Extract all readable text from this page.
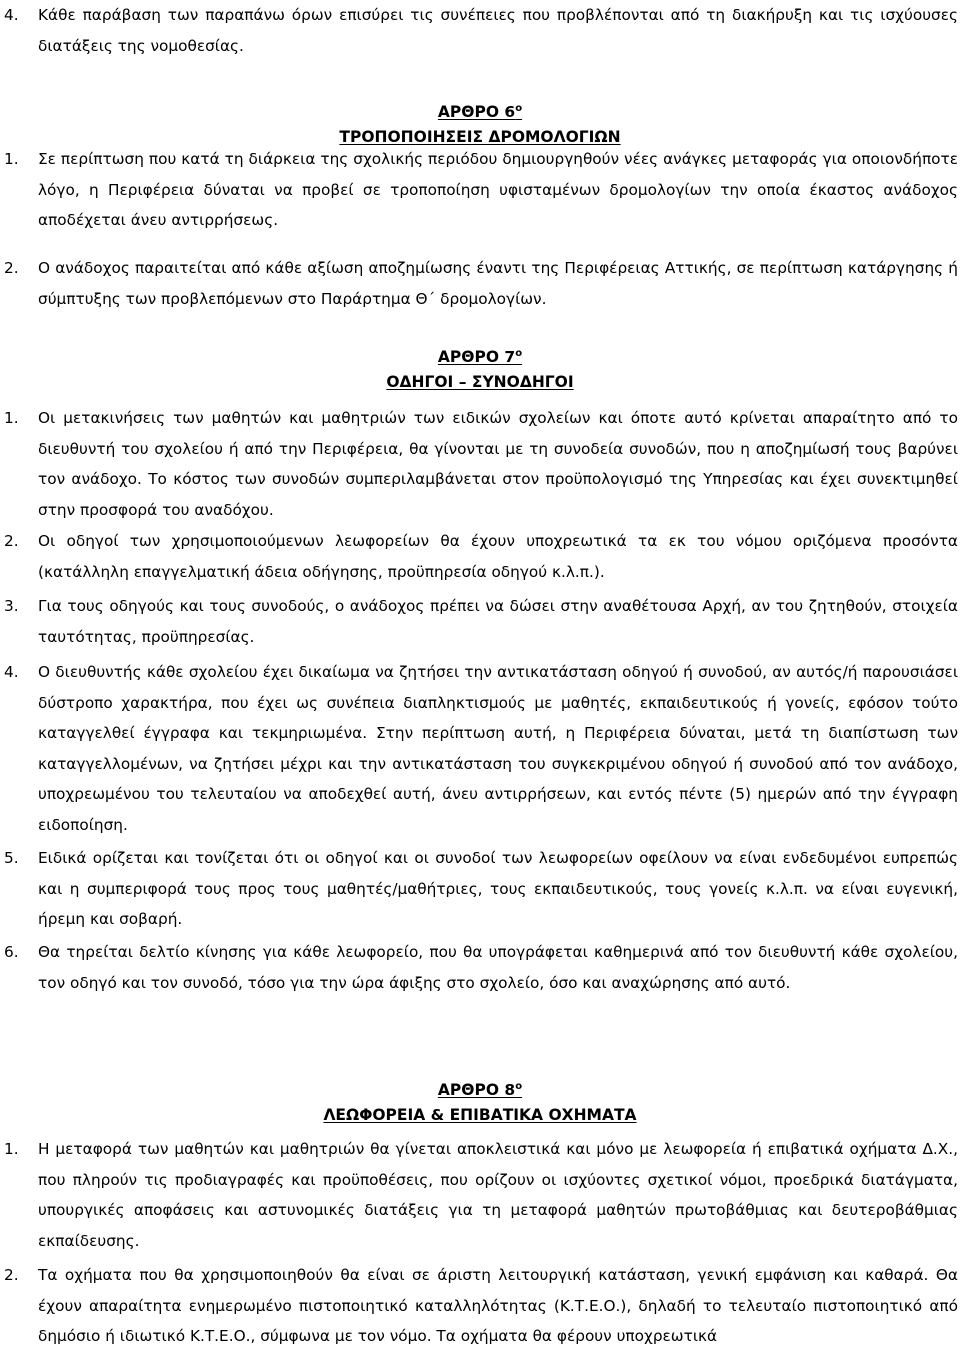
4.	Κάθε παράβαση των παραπάνω όρων επισύρει τις συνέπειες που προβλέπονται από τη διακήρυξη και τις ισχύουσες διατάξεις της νομοθεσίας.
ΑΡΘΡΟ $6^o$
ΤΡΟΠΟΠΟΙΗΣΕΙΣ ΔΡΟΜΟΛΟΓΙΩΝ
1.	Σε περίπτωση που κατά τη διάρκεια της σχολικής περιόδου δημιουργηθούν νέες ανάγκες μεταφοράς για οποιονδήποτε λόγο, η Περιφέρεια δύναται να προβεί σε τροποποίηση υφισταμένων δρομολογίων την οποία έκαστος ανάδοχος αποδέχεται άνευ αντιρρήσεως.
2.	Ο ανάδοχος παραιτείται από κάθε αξίωση αποζημίωσης έναντι της Περιφέρειας Αττικής, σε περίπτωση κατάργησης ή σύμπτυξης των προβλεπόμενων στο Παράρτημα Θ΄ δρομολογίων.
ΑΡΘΡΟ $7^o$
ΟΔΗΓΟΙ – ΣΥΝΟΔΗΓΟΙ
1.	Οι μετακινήσεις των μαθητών και μαθητριών των ειδικών σχολείων και όποτε αυτό κρίνεται απαραίτητο από το διευθυντή του σχολείου ή από την Περιφέρεια, θα γίνονται με τη συνοδεία συνοδών, που η αποζημίωσή τους βαρύνει τον ανάδοχο. Το κόστος των συνοδών συμπεριλαμβάνεται στον προϋπολογισμό της Υπηρεσίας και έχει συνεκτιμηθεί στην προσφορά του αναδόχου.
2.	Οι οδηγοί των χρησιμοποιούμενων λεωφορείων θα έχουν υποχρεωτικά τα εκ του νόμου οριζόμενα προσόντα (κατάλληλη επαγγελματική άδεια οδήγησης, προϋπηρεσία οδηγού κ.λ.π.).
3.	Για τους οδηγούς και τους συνοδούς, ο ανάδοχος πρέπει να δώσει στην αναθέτουσα Αρχή, αν του ζητηθούν, στοιχεία ταυτότητας, προϋπηρεσίας.
4.	Ο διευθυντής κάθε σχολείου έχει δικαίωμα να ζητήσει την αντικατάσταση οδηγού ή συνοδού, αν αυτός/ή παρουσιάσει δύστροπο χαρακτήρα, που έχει ως συνέπεια διαπληκτισμούς με μαθητές, εκπαιδευτικούς ή γονείς, εφόσον τούτο καταγγελθεί έγγραφα και τεκμηριωμένα. Στην περίπτωση αυτή, η Περιφέρεια δύναται, μετά τη διαπίστωση των καταγγελλομένων, να ζητήσει μέχρι και την αντικατάσταση του συγκεκριμένου οδηγού ή συνοδού από τον ανάδοχο, υποχρεωμένου του τελευταίου να αποδεχθεί αυτή, άνευ αντιρρήσεων, και εντός πέντε (5) ημερών από την έγγραφη ειδοποίηση.
5.	Ειδικά ορίζεται και τονίζεται ότι οι οδηγοί και οι συνοδοί των λεωφορείων οφείλουν να είναι ενδεδυμένοι ευπρεπώς και η συμπεριφορά τους προς τους μαθητές/μαθήτριες, τους εκπαιδευτικούς, τους γονείς κ.λ.π. να είναι ευγενική, ήρεμη και σοβαρή.
6.	Θα τηρείται δελτίο κίνησης για κάθε λεωφορείο, που θα υπογράφεται καθημερινά από τον διευθυντή κάθε σχολείου, τον οδηγό και τον συνοδό, τόσο για την ώρα άφιξης στο σχολείο, όσο και αναχώρησης από αυτό.
ΑΡΘΡΟ $8^o$
ΛΕΩΦΟΡΕΙΑ & ΕΠΙΒΑΤΙΚΑ ΟΧΗΜΑΤΑ
1.	Η μεταφορά των μαθητών και μαθητριών θα γίνεται αποκλειστικά και μόνο με λεωφορεία ή επιβατικά οχήματα Δ.Χ., που πληρούν τις προδιαγραφές και προϋποθέσεις, που ορίζουν οι ισχύοντες σχετικοί νόμοι, προεδρικά διατάγματα, υπουργικές αποφάσεις και αστυνομικές διατάξεις για τη μεταφορά μαθητών πρωτοβάθμιας και δευτεροβάθμιας εκπαίδευσης.
2.	Τα οχήματα που θα χρησιμοποιηθούν θα είναι σε άριστη λειτουργική κατάσταση, γενική εμφάνιση και καθαρά. Θα έχουν απαραίτητα ενημερωμένο πιστοποιητικό καταλληλότητας (Κ.Τ.Ε.Ο.), δηλαδή το τελευταίο πιστοποιητικό από δημόσιο ή ιδιωτικό Κ.Τ.Ε.Ο., σύμφωνα με τον νόμο. Τα οχήματα θα φέρουν υποχρεωτικά
